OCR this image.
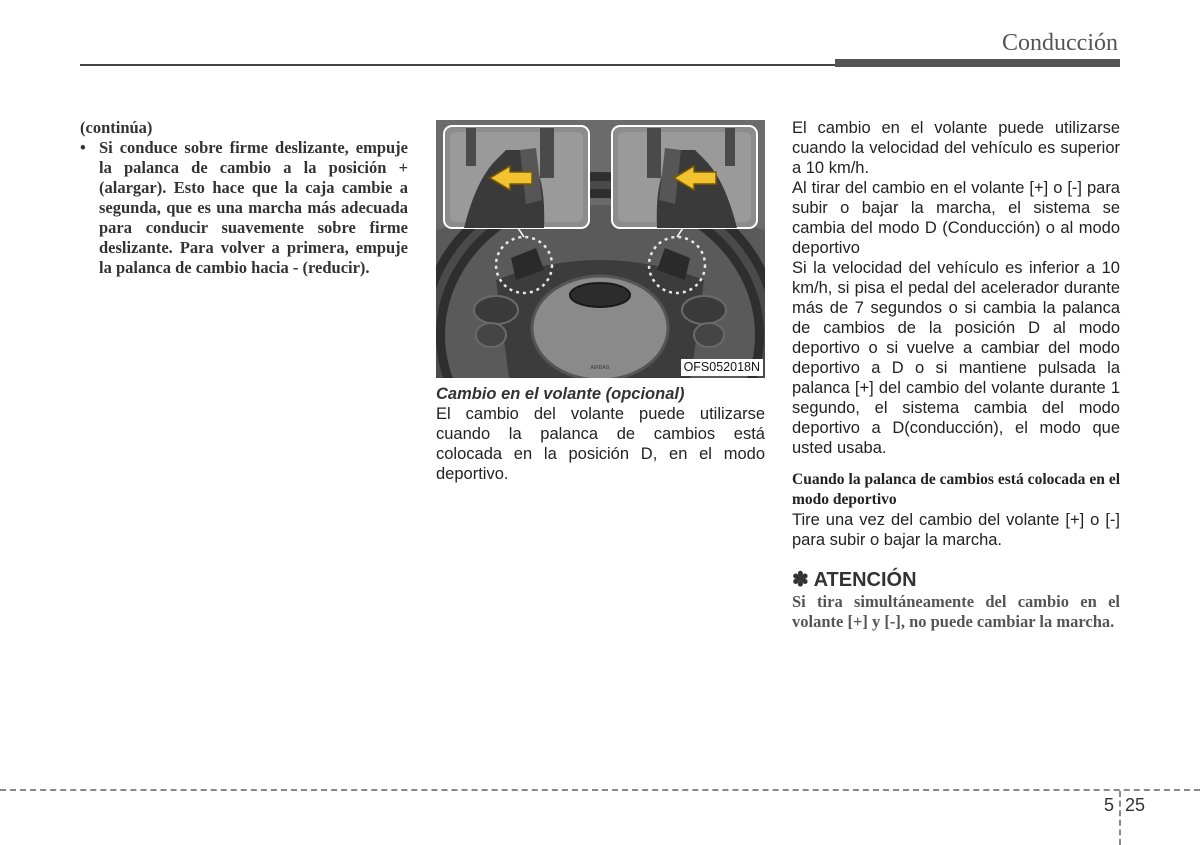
Conducción
(continúa)
• Si conduce sobre firme deslizante, empuje la palanca de cambio a la posición + (alargar). Esto hace que la caja cambie a segunda, que es una marcha más adecuada para conducir suavemente sobre firme deslizante. Para volver a primera, empuje la palanca de cambio hacia - (reducir).
AIRBAG	OFS052018N
Cambio en el volante (opcional)
El cambio del volante puede utilizarse cuando la palanca de cambios está colocada en la posición D, en el modo deportivo.

El cambio en el volante puede utilizarse cuando la velocidad del vehículo es superior a 10 km/h.

Al tirar del cambio en el volante [+] o [-] para subir o bajar la marcha, el sistema se cambia del modo D (Conducción) o al modo deportivo

Si la velocidad del vehículo es inferior a 10 km/h, si pisa el pedal del acelerador durante más de 7 segundos o si cambia la palanca de cambios de la posición D al modo deportivo o si vuelve a cambiar del modo deportivo a D o si mantiene pulsada la palanca [+] del cambio del volante durante 1 segundo, el sistema cambia del modo deportivo a D(conducción), el modo que usted usaba.

Cuando la palanca de cambios está colocada en el modo deportivo

Tire una vez del cambio del volante [+] o [-] para subir o bajar la marcha.

✽ ATENCIÓN

Si tira simultáneamente del cambio en el volante [+] y [-], no puede cambiar la marcha.

5 25
